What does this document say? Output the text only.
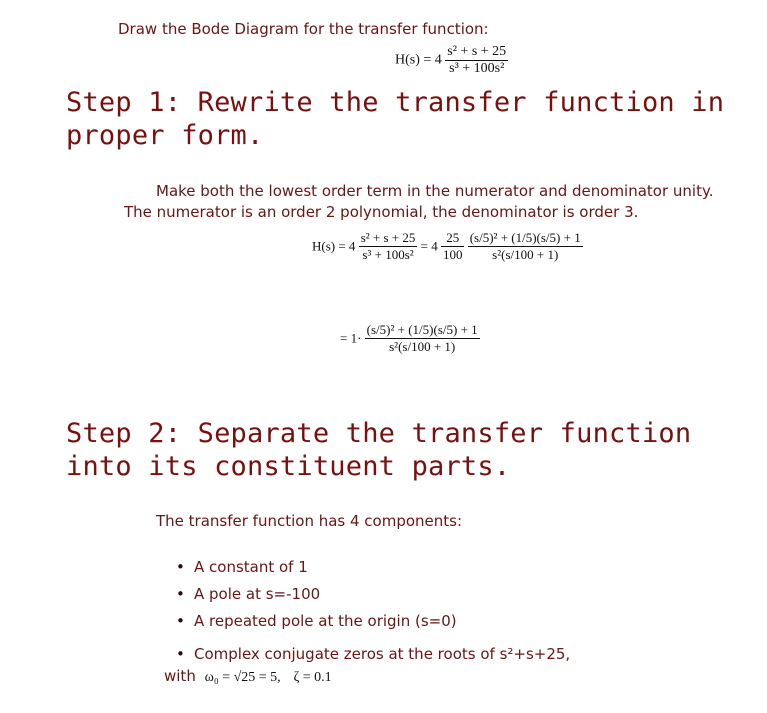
Draw the Bode Diagram for the transfer function:
$H(s) = 4 \frac{\text{s² + s + 25}}{\text{s³ + 100s²}}$
Step 1: Rewrite the transfer function in proper form.
Make both the lowest order term in the numerator and denominator unity.
The numerator is an order 2 polynomial, the denominator is order 3.
$H(s) = 4 \frac{\text{s² + s + 25}}{\text{s³ + 100s²}} = 4 \frac{25}{100}$
$\frac{\text{(s/5)² + (1/5)(s/5) + 1}}{\text{s²(s/100 + 1)}}$
= $1\cdot \frac{\text{(s/5)² + (1/5)(s/5) + 1}}{\text{s²(s/100 + 1)}}$
Step 2: Separate the transfer function into its constituent parts.
The transfer function has 4 components:
• A constant of 1
• A pole at s=-100
• A repeated pole at the origin (s=0)
• Complex conjugate zeros at the roots of s²+s+25,
with ω₀ = √25 = 5, ζ = 0.1
